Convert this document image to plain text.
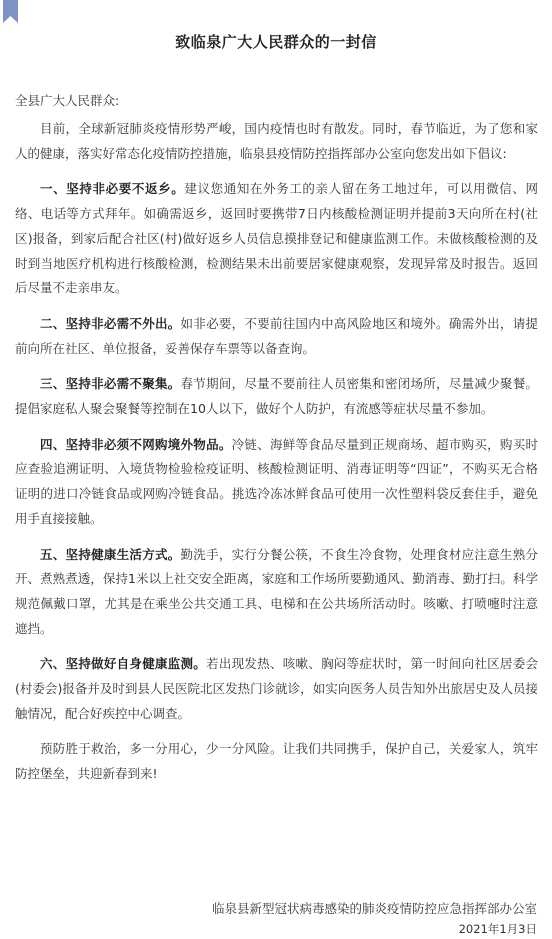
致临泉广大人民群众的一封信
全县广大人民群众:

目前，全球新冠肺炎疫情形势严峻，国内疫情也时有散发。同时，春节临近，为了您和家人的健康，落实好常态化疫情防控措施，临泉县疫情防控指挥部办公室向您发出如下倡议:

一、坚持非必要不返乡。建议您通知在外务工的亲人留在务工地过年，可以用微信、网络、电话等方式拜年。如确需返乡，返回时要携带7日内核酸检测证明并提前3天向所在村(社区)报备，到家后配合社区(村)做好返乡人员信息摸排登记和健康监测工作。未做核酸检测的及时到当地医疗机构进行核酸检测，检测结果未出前要居家健康观察，发现异常及时报告。返回后尽量不走亲串友。

二、坚持非必需不外出。如非必要，不要前往国内中高风险地区和境外。确需外出，请提前向所在社区、单位报备，妥善保存车票等以备查询。

三、坚持非必需不聚集。春节期间，尽量不要前往人员密集和密闭场所，尽量减少聚餐。提倡家庭私人聚会聚餐等控制在10人以下，做好个人防护，有流感等症状尽量不参加。

四、坚持非必须不网购境外物品。冷链、海鲜等食品尽量到正规商场、超市购买，购买时应查验追溯证明、入境货物检验检疫证明、核酸检测证明、消毒证明等“四证”，不购买无合格证明的进口冷链食品或网购冷链食品。挑选冷冻冰鲜食品可使用一次性塑料袋反套住手，避免用手直接接触。

五、坚持健康生活方式。勤洗手，实行分餐公筷，不食生冷食物，处理食材应注意生熟分开、煮熟煮透，保持1米以上社交安全距离，家庭和工作场所要勤通风、勤消毒、勤打扫。科学规范佩戴口罩，尤其是在乘坐公共交通工具、电梯和在公共场所活动时。咳嗽、打喷嚏时注意遮挡。

六、坚持做好自身健康监测。若出现发热、咳嗽、胸闷等症状时，第一时间向社区居委会(村委会)报备并及时到县人民医院北区发热门诊就诊，如实向医务人员告知外出旅居史及人员接触情况，配合好疾控中心调查。

预防胜于救治，多一分用心，少一分风险。让我们共同携手，保护自己，关爱家人，筑牢防控堡垒，共迎新春到来!

临泉县新型冠状病毒感染的肺炎疫情防控应急指挥部办公室
2021年1月3日
